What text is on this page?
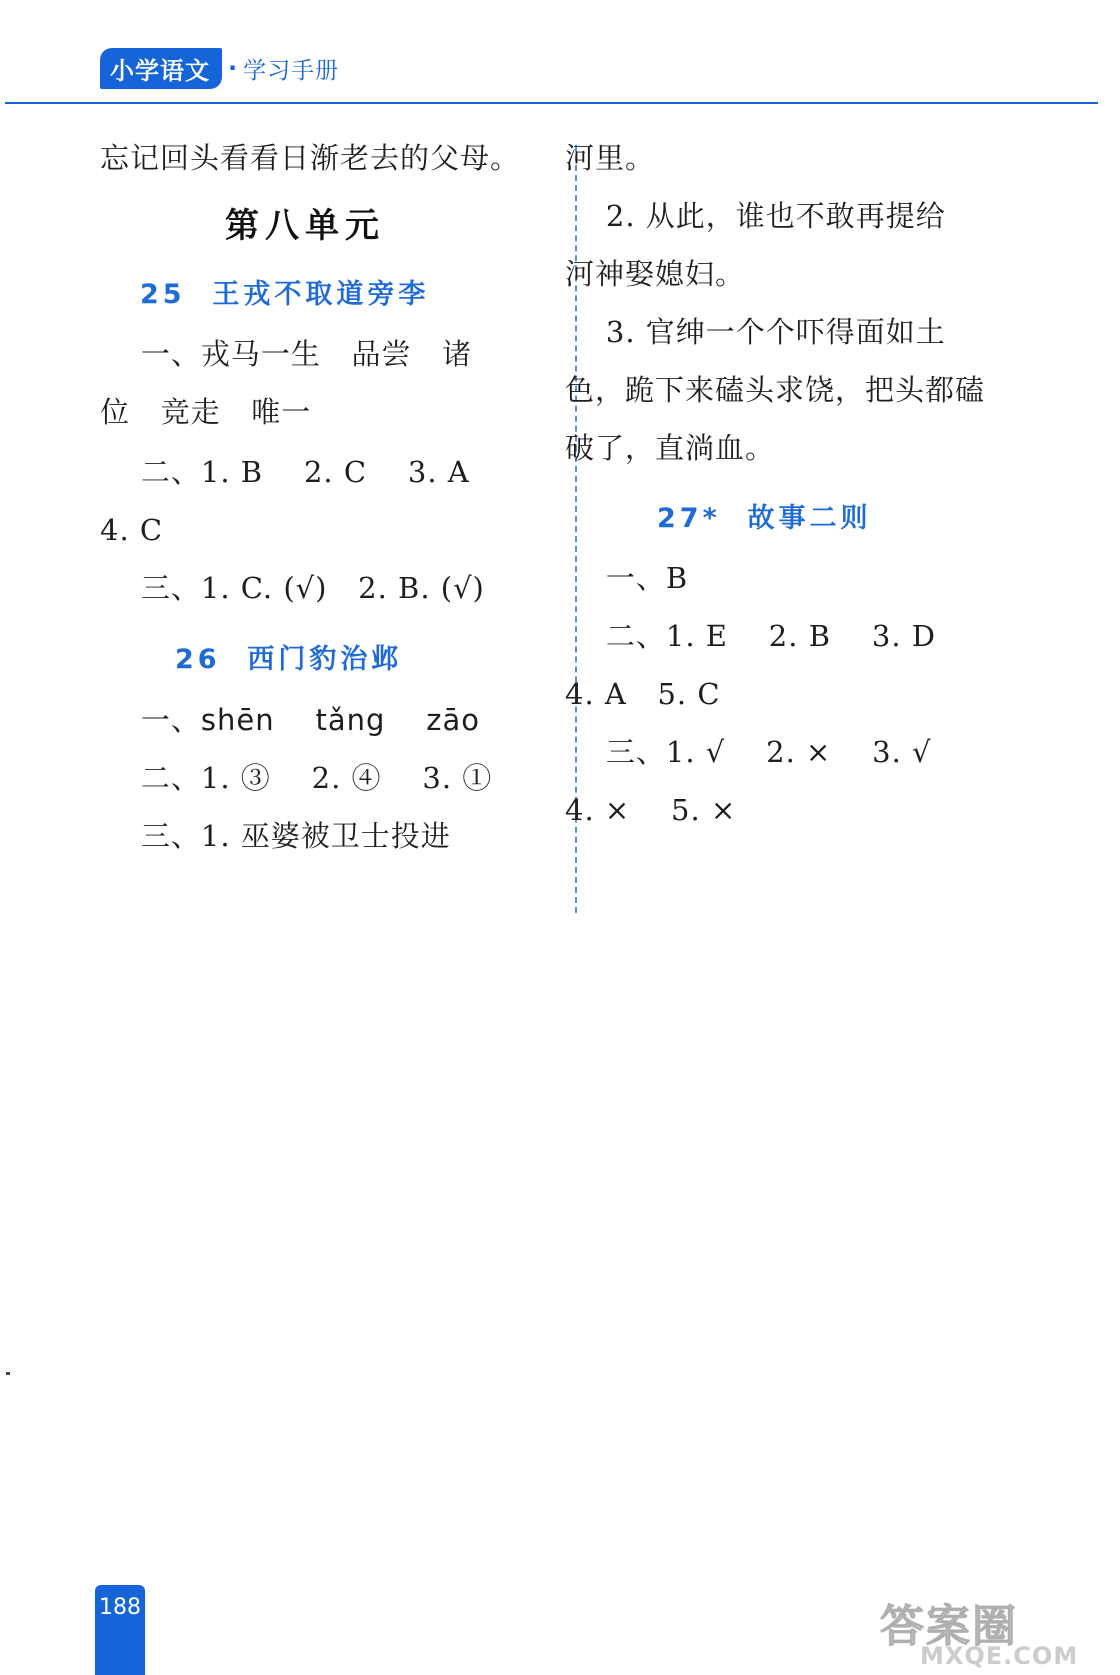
小学语文 · 学习手册
忘记回头看看日渐老去的父母。
第八单元
25  王戎不取道旁李
一、戎马一生   品尝   诸
位   竞走   唯一
二、1. B    2. C    3. A
4. C
三、1. C. (√)   2. B. (√)
26  西门豹治邺
一、shēn    tǎng    zāo
二、1. ③    2. ④    3. ①
三、1. 巫婆被卫士投进
河里。
2. 从此，谁也不敢再提给
河神娶媳妇。
3. 官绅一个个吓得面如土
色，跪下来磕头求饶，把头都磕
破了，直淌血。
27*  故事二则
一、B
二、1. E    2. B    3. D
4. A   5. C
三、1. √    2. ×    3. √
4. ×    5. ×
188	答案圈
MXQE.COM
